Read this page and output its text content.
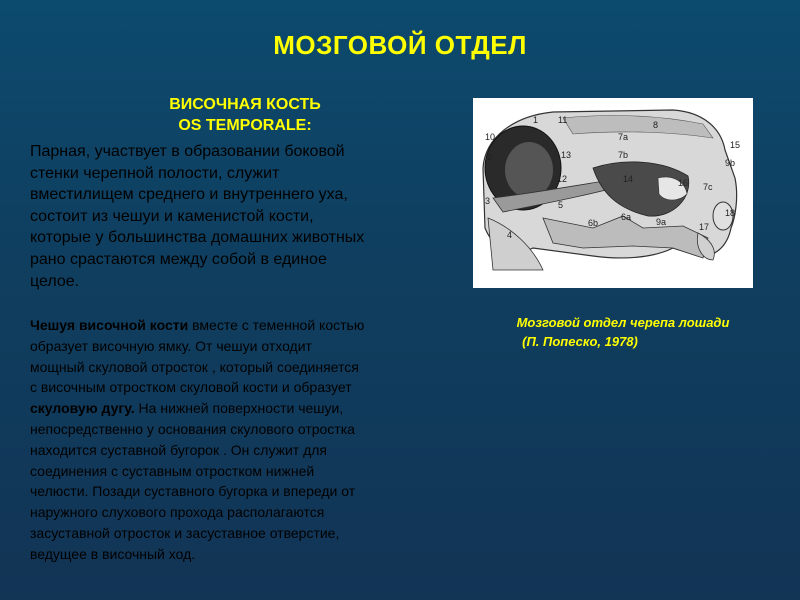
МОЗГОВОЙ ОТДЕЛ
ВИСОЧНАЯ КОСТЬ
OS TEMPORALE:

Парная, участвует в образовании боковой
стенки черепной полости, служит
вместилищем среднего и внутреннего уха,
состоит из чешуи и каменистой кости,
которые у большинства домашних животных
рано срастаются между собой в единое
целое.

Чешуя височной кости вместе с теменной костью
образует височную ямку. От чешуи отходит
мощный скуловой отросток , который соединяется
с височным отростком скуловой кости и образует
скуловую дугу. На нижней поверхности чешуи,
непосредственно у основания скулового отростка
находится суставной бугорок . Он служит для
соединения с суставным отростком нижней
челюсти. Позади суставного бугорка и впереди от
наружного слухового прохода располагаются
засуставной отросток и засуставное отверстие,
ведущее в височный ход.

10
1 11	8
2	13
7a
7b
15
9b
12	14	16
3	5
7c
6b
6a	9a	17
18
4
Мозговой отдел черепа лошади
(П. Попеско, 1978)
